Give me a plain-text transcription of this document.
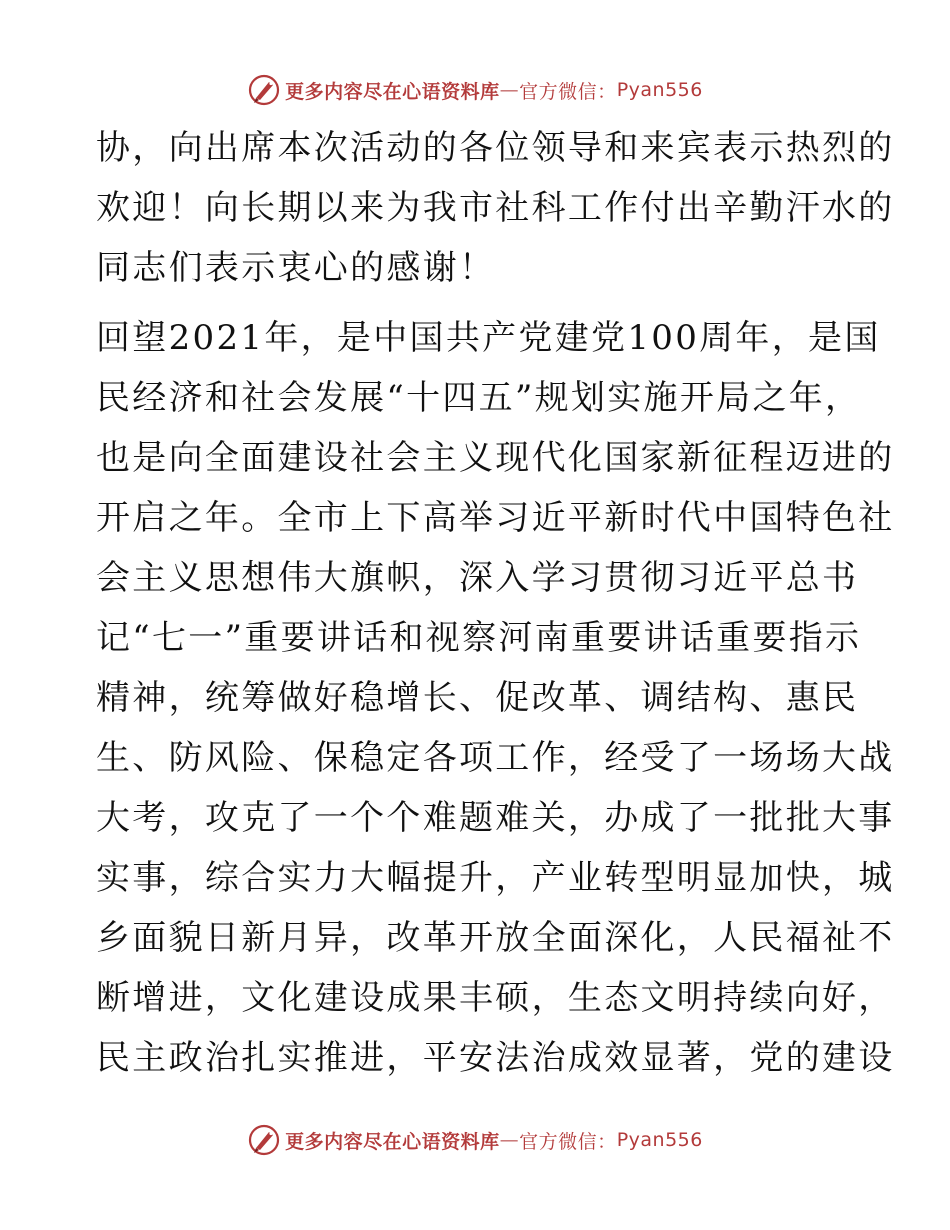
更多内容尽在心语资料库 — 官方微信： Pyan556
协，向出席本次活动的各位领导和来宾表示热烈的
欢迎！向长期以来为我市社科工作付出辛勤汗水的
同志们表示衷心的感谢！
回望2021年，是中国共产党建党100周年，是国
民经济和社会发展“十四五”规划实施开局之年，
也是向全面建设社会主义现代化国家新征程迈进的
开启之年。全市上下高举习近平新时代中国特色社
会主义思想伟大旗帜，深入学习贯彻习近平总书
记“七一”重要讲话和视察河南重要讲话重要指示
精神，统筹做好稳增长、促改革、调结构、惠民
生、防风险、保稳定各项工作，经受了一场场大战
大考，攻克了一个个难题难关，办成了一批批大事
实事，综合实力大幅提升，产业转型明显加快，城
乡面貌日新月异，改革开放全面深化，人民福祉不
断增进，文化建设成果丰硕，生态文明持续向好，
民主政治扎实推进，平安法治成效显著，党的建设
更多内容尽在心语资料库 — 官方微信： Pyan556
